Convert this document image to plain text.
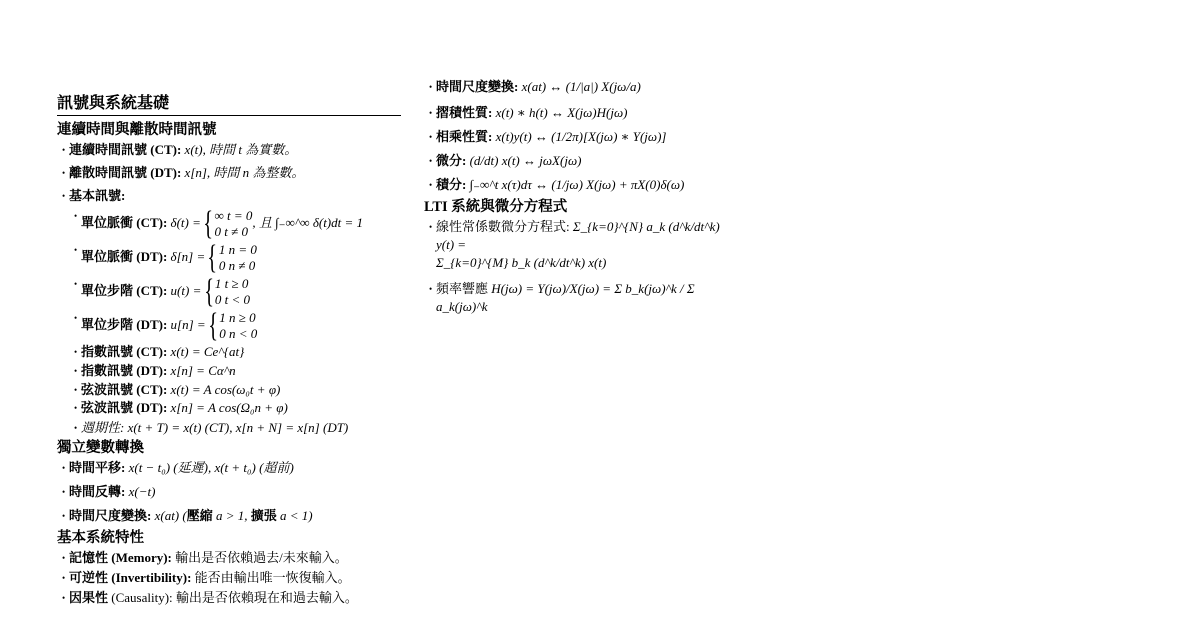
訊號與系統基礎
連續時間與離散時間訊號
• 連續時間訊號 (CT): x(t), 時間 t 為實數。
• 離散時間訊號 (DT): x[n], 時間 n 為整數。
• 基本訊號:
• 單位脈衝 (CT): δ(t) = { ∞ t = 0
0 t ≠ 0
, 且 ∫₋∞^∞ δ(t)dt = 1
• 單位脈衝 (DT): δ[n] = { 1 n = 0
0 n ≠ 0
• 單位步階 (CT): u(t) = { 1 t ≥ 0
0 t < 0
• 單位步階 (DT): u[n] = { 1 n ≥ 0
0 n < 0
• 指數訊號 (CT): x(t) = Ce^{at}
• 指數訊號 (DT): x[n] = Cα^n
• 弦波訊號 (CT): x(t) = A cos(ω₀t + φ)
• 弦波訊號 (DT): x[n] = A cos(Ω₀n + φ)
• 週期性: x(t + T) = x(t) (CT), x[n + N] = x[n] (DT)
獨立變數轉換
• 時間平移: x(t − t₀) (延遲), x(t + t₀) (超前)
• 時間反轉: x(−t)
• 時間尺度變換: x(at) (壓縮 a > 1, 擴張 a < 1)
基本系統特性
• 記憶性 (Memory): 輸出是否依賴過去/未來輸入。
• 可逆性 (Invertibility): 能否由輸出唯一恢復輸入。
• 因果性 (Causality): 輸出是否依賴現在和過去輸入。
• 時間尺度變換: x(at) ↔ (1/|a|) X(jω/a)
• 摺積性質: x(t) ∗ h(t) ↔ X(jω)H(jω)
• 相乘性質: x(t)y(t) ↔ (1/2π)[X(jω) ∗ Y(jω)]
• 微分: (d/dt) x(t) ↔ jωX(jω)
• 積分: ∫₋∞^t x(τ)dτ ↔ (1/jω) X(jω) + πX(0)δ(ω)
LTI 系統與微分方程式
• 線性常係數微分方程式: Σ_{k=0}^{N} a_k (d^k/dt^k) y(t) =
Σ_{k=0}^{M} b_k (d^k/dt^k) x(t)
• 頻率響應 H(jω) = Y(jω)/X(jω) = Σ b_k(jω)^k / Σ a_k(jω)^k
